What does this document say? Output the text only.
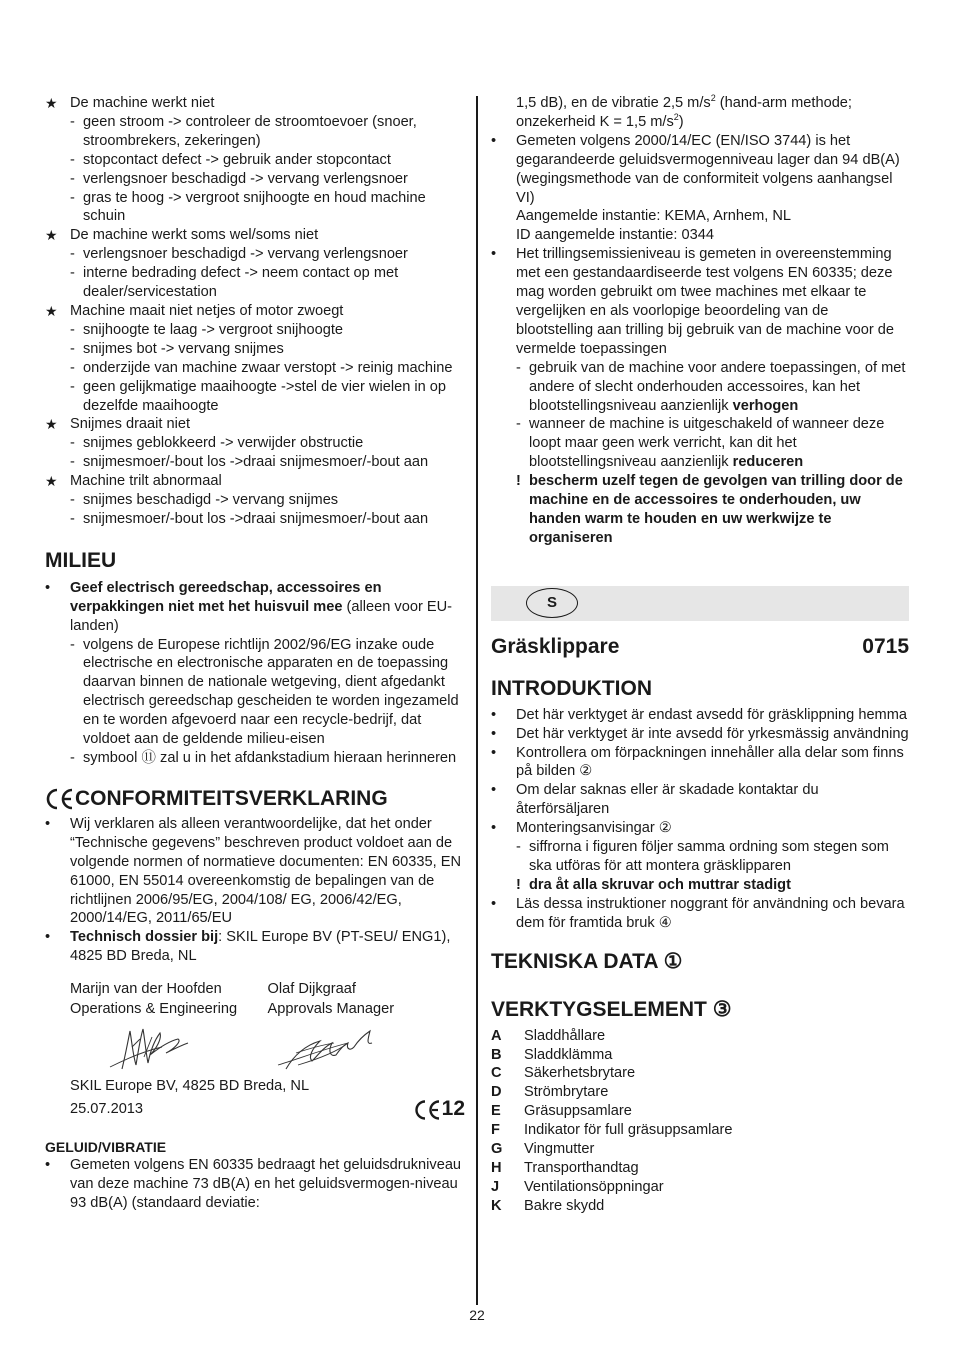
★ De machine werkt niet
- geen stroom -> controleer de stroomtoevoer (snoer, stroombrekers, zekeringen)
- stopcontact defect -> gebruik ander stopcontact
- verlengsnoer beschadigd -> vervang verlengsnoer
- gras te hoog -> vergroot snijhoogte en houd machine schuin
★ De machine werkt soms wel/soms niet
- verlengsnoer beschadigd -> vervang verlengsnoer
- interne bedrading defect -> neem contact op met dealer/servicestation
★ Machine maait niet netjes of motor zwoegt
- snijhoogte te laag -> vergroot snijhoogte
- snijmes bot -> vervang snijmes
- onderzijde van machine zwaar verstopt -> reinig machine
- geen gelijkmatige maaihoogte ->stel de vier wielen in op dezelfde maaihoogte
★ Snijmes draait niet
- snijmes geblokkeerd -> verwijder obstructie
- snijmesmoer/-bout los ->draai snijmesmoer/-bout aan
★ Machine trilt abnormaal
- snijmes beschadigd -> vervang snijmes
- snijmesmoer/-bout los ->draai snijmesmoer/-bout aan
MILIEU
• Geef electrisch gereedschap, accessoires en verpakkingen niet met het huisvuil mee (alleen voor EU-landen)
- volgens de Europese richtlijn 2002/96/EG inzake oude electrische en electronische apparaten en de toepassing daarvan binnen de nationale wetgeving, dient afgedankt electrisch gereedschap gescheiden te worden ingezameld en te worden afgevoerd naar een recycle-bedrijf, dat voldoet aan de geldende milieu-eisen
- symbool ⑪ zal u in het afdankstadium hieraan herinneren
CONFORMITEITSVERKLARING
• Wij verklaren als alleen verantwoordelijke, dat het onder “Technische gegevens” beschreven product voldoet aan de volgende normen of normatieve documenten: EN 60335, EN 61000, EN 55014 overeenkomstig de bepalingen van de richtlijnen 2006/95/EG, 2004/108/ EG, 2006/42/EG, 2000/14/EG, 2011/65/EU
• Technisch dossier bij: SKIL Europe BV (PT-SEU/ ENG1), 4825 BD Breda, NL
Marijn van der Hoofden
Operations & Engineering
Olaf Dijkgraaf
Approvals Manager
SKIL Europe BV, 4825 BD Breda, NL
25.07.2013	12
GELUID/VIBRATIE
• Gemeten volgens EN 60335 bedraagt het geluidsdrukniveau van deze machine 73 dB(A) en het geluidsvermogen-niveau 93 dB(A) (standaard deviatie:
1,5 dB), en de vibratie 2,5 $m/s^2$ (hand-arm methode;
onzekerheid K = 1,5 $m/s^2$)
• Gemeten volgens 2000/14/EC (EN/ISO 3744) is het gegarandeerde geluidsvermogenniveau lager dan 94 dB(A) (wegingsmethode van de conformiteit volgens aanhangsel VI)
Aangemelde instantie: KEMA, Arnhem, NL
ID aangemelde instantie: 0344
• Het trillingsemissieniveau is gemeten in overeenstemming met een gestandaardiseerde test volgens EN 60335; deze mag worden gebruikt om twee machines met elkaar te vergelijken en als voorlopige beoordeling van de blootstelling aan trilling bij gebruik van de machine voor de vermelde toepassingen
- gebruik van de machine voor andere toepassingen, of met andere of slecht onderhouden accessoires, kan het blootstellingsniveau aanzienlijk verhogen
- wanneer de machine is uitgeschakeld of wanneer deze loopt maar geen werk verricht, kan dit het blootstellingsniveau aanzienlijk reduceren
! bescherm uzelf tegen de gevolgen van trilling door de machine en de accessoires te onderhouden, uw handen warm te houden en uw werkwijze te organiseren
S
Gräsklippare	0715
INTRODUKTION
• Det här verktyget är endast avsedd för gräsklippning hemma
• Det här verktyget är inte avsedd för yrkesmässig användning
• Kontrollera om förpackningen innehåller alla delar som finns på bilden ②
• Om delar saknas eller är skadade kontaktar du återförsäljaren
• Monteringsanvisingar ②
- siffrorna i figuren följer samma ordning som stegen som ska utföras för att montera gräsklipparen
! dra åt alla skruvar och muttrar stadigt
• Läs dessa instruktioner noggrant för användning och bevara dem för framtida bruk ④
TEKNISKA DATA ①
VERKTYGSELEMENT ③
A	Sladdhållare
B	Sladdklämma
C	Säkerhetsbrytare
D	Strömbrytare
E	Gräsuppsamlare
F	Indikator för full gräsuppsamlare
G	Vingmutter
H	Transporthandtag
J	Ventilationsöppningar
K	Bakre skydd
22
